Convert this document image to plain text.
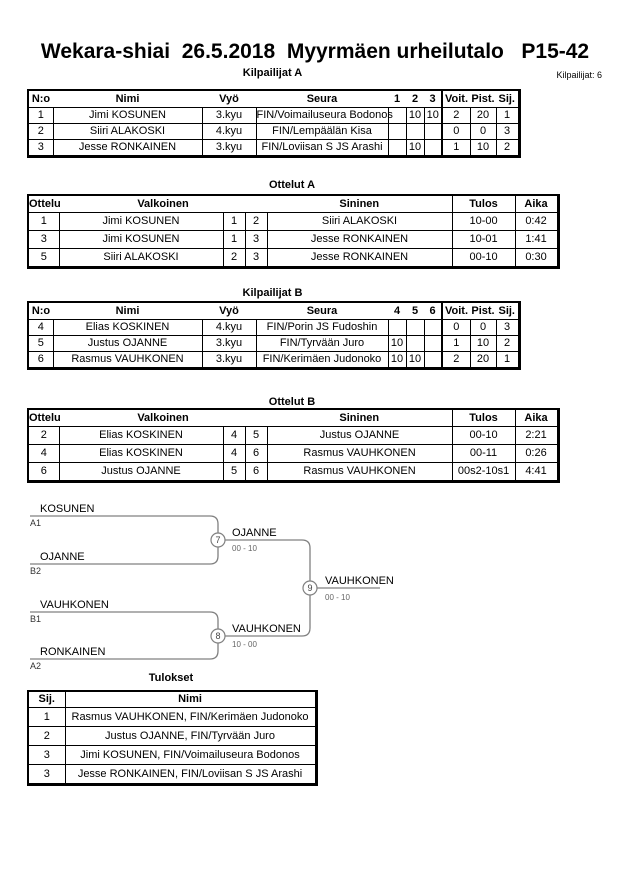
Wekara-shiai  26.5.2018  Myyrmäen urheilutalo   P15-42
Kilpailijat A	Kilpailijat: 6
N:o	Nimi	Vyö	Seura	1	2	3	Voit.	Pist.	Sij.
1	Jimi KOSUNEN	3.kyu	FIN/Voimailuseura Bodonos		10	10	2	20	1
2	Siiri ALAKOSKI	4.kyu	FIN/Lempäälän Kisa				0	0	3
3	Jesse RONKAINEN	3.kyu	FIN/Loviisan S JS Arashi		10		1	10	2
Ottelut A
Ottelu	Valkoinen			Sininen	Tulos	Aika
1	Jimi KOSUNEN	1	2	Siiri ALAKOSKI	10-00	0:42
3	Jimi KOSUNEN	1	3	Jesse RONKAINEN	10-01	1:41
5	Siiri ALAKOSKI	2	3	Jesse RONKAINEN	00-10	0:30
Kilpailijat B
N:o	Nimi	Vyö	Seura	4	5	6	Voit.	Pist.	Sij.
4	Elias KOSKINEN	4.kyu	FIN/Porin JS Fudoshin				0	0	3
5	Justus OJANNE	3.kyu	FIN/Tyrvään Juro	10			1	10	2
6	Rasmus VAUHKONEN	3.kyu	FIN/Kerimäen Judonoko	10	10		2	20	1
Ottelut B
Ottelu	Valkoinen			Sininen	Tulos	Aika
2	Elias KOSKINEN	4	5	Justus OJANNE	00-10	2:21
4	Elias KOSKINEN	4	6	Rasmus VAUHKONEN	00-11	0:26
6	Justus OJANNE	5	6	Rasmus VAUHKONEN	00s2-10s1	4:41
KOSUNEN
A1
OJANNE
B2
7
OJANNE
00 - 10
VAUHKONEN
B1
RONKAINEN
A2
8
VAUHKONEN
10 - 00
9
VAUHKONEN
00 - 10
Tulokset
Sij.	Nimi
1	Rasmus VAUHKONEN, FIN/Kerimäen Judonoko
2	Justus OJANNE, FIN/Tyrvään Juro
3	Jimi KOSUNEN, FIN/Voimailuseura Bodonos
3	Jesse RONKAINEN, FIN/Loviisan S JS Arashi
